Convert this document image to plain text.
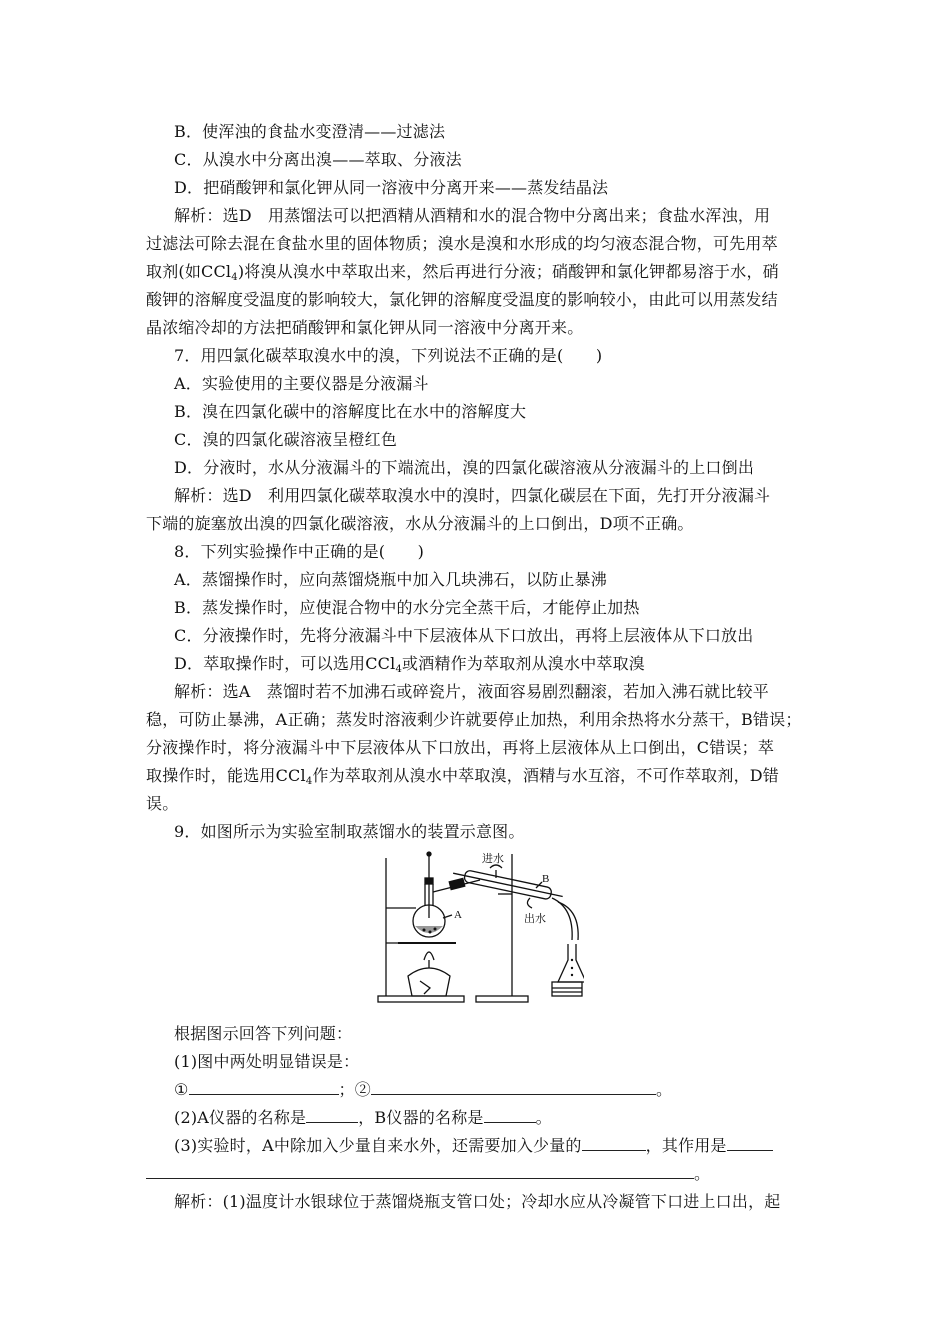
B．使浑浊的食盐水变澄清——过滤法
C．从溴水中分离出溴——萃取、分液法
D．把硝酸钾和氯化钾从同一溶液中分离开来——蒸发结晶法
解析：选D　用蒸馏法可以把酒精从酒精和水的混合物中分离出来；食盐水浑浊，用
过滤法可除去混在食盐水里的固体物质；溴水是溴和水形成的均匀液态混合物，可先用萃
取剂(如CCl$_4$)将溴从溴水中萃取出来，然后再进行分液；硝酸钾和氯化钾都易溶于水，硝
酸钾的溶解度受温度的影响较大，氯化钾的溶解度受温度的影响较小，由此可以用蒸发结
晶浓缩冷却的方法把硝酸钾和氯化钾从同一溶液中分离开来。
7．用四氯化碳萃取溴水中的溴，下列说法不正确的是(　　)
A．实验使用的主要仪器是分液漏斗
B．溴在四氯化碳中的溶解度比在水中的溶解度大
C．溴的四氯化碳溶液呈橙红色
D．分液时，水从分液漏斗的下端流出，溴的四氯化碳溶液从分液漏斗的上口倒出
解析：选D　利用四氯化碳萃取溴水中的溴时，四氯化碳层在下面，先打开分液漏斗
下端的旋塞放出溴的四氯化碳溶液，水从分液漏斗的上口倒出，D项不正确。
8．下列实验操作中正确的是(　　)
A．蒸馏操作时，应向蒸馏烧瓶中加入几块沸石，以防止暴沸
B．蒸发操作时，应使混合物中的水分完全蒸干后，才能停止加热
C．分液操作时，先将分液漏斗中下层液体从下口放出，再将上层液体从下口放出
D．萃取操作时，可以选用CCl$_4$或酒精作为萃取剂从溴水中萃取溴
解析：选A　蒸馏时若不加沸石或碎瓷片，液面容易剧烈翻滚，若加入沸石就比较平
稳，可防止暴沸，A正确；蒸发时溶液剩少许就要停止加热，利用余热将水分蒸干，B错误；
分液操作时，将分液漏斗中下层液体从下口放出，再将上层液体从上口倒出，C错误；萃
取操作时，能选用CCl$_4$作为萃取剂从溴水中萃取溴，酒精与水互溶，不可作萃取剂，D错
误。
9．如图所示为实验室制取蒸馏水的装置示意图。
A
进水
出水
B
根据图示回答下列问题：
(1)图中两处明显错误是：
①	；②	。
(2)A仪器的名称是	，B仪器的名称是	。
(3)实验时，A中除加入少量自来水外，还需要加入少量的	，其作用是
。
解析：(1)温度计水银球位于蒸馏烧瓶支管口处；冷却水应从冷凝管下口进上口出，起
